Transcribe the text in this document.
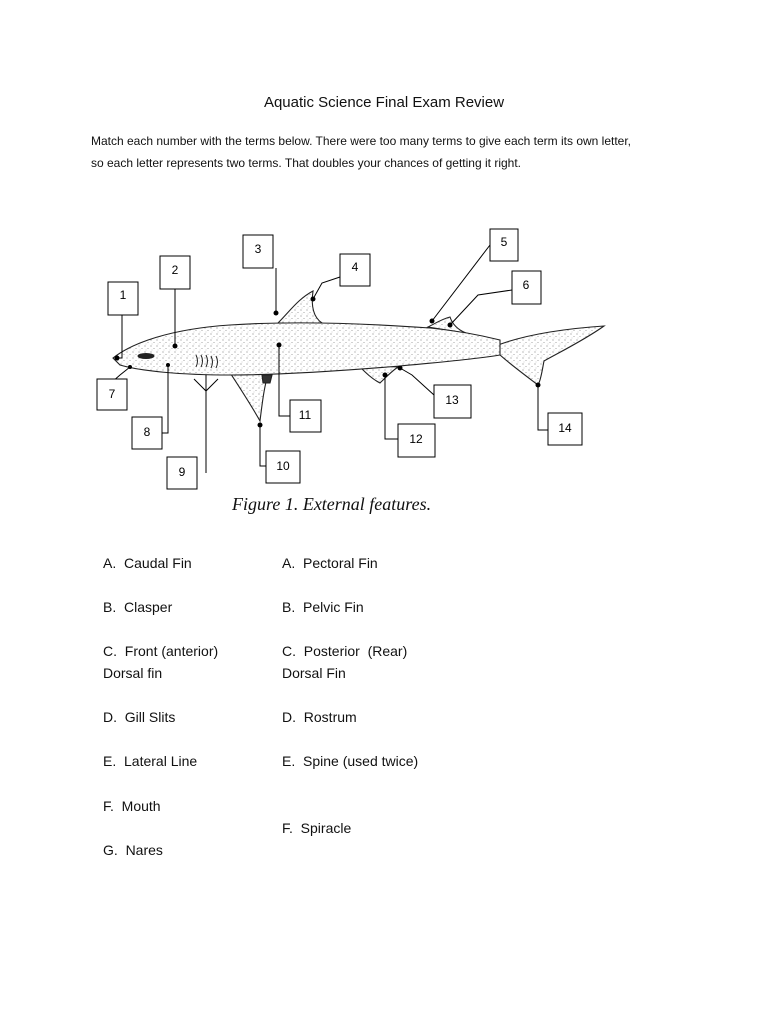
Aquatic Science Final Exam Review

Match each number with the terms below. There were too many terms to give each term its own letter,
so each letter represents two terms. That doubles your chances of getting it right.

1
2
3
4
5
6
7
8
9	10
11
12
13
14
Figure 1. External features.
A. Caudal Fin
B. Clasper
C. Front (anterior)
Dorsal fin
D. Gill Slits
E. Lateral Line
F. Mouth
G. Nares
A. Pectoral Fin
B. Pelvic Fin
C. Posterior  (Rear)
Dorsal Fin
D. Rostrum
E. Spine (used twice)
F. Spiracle
